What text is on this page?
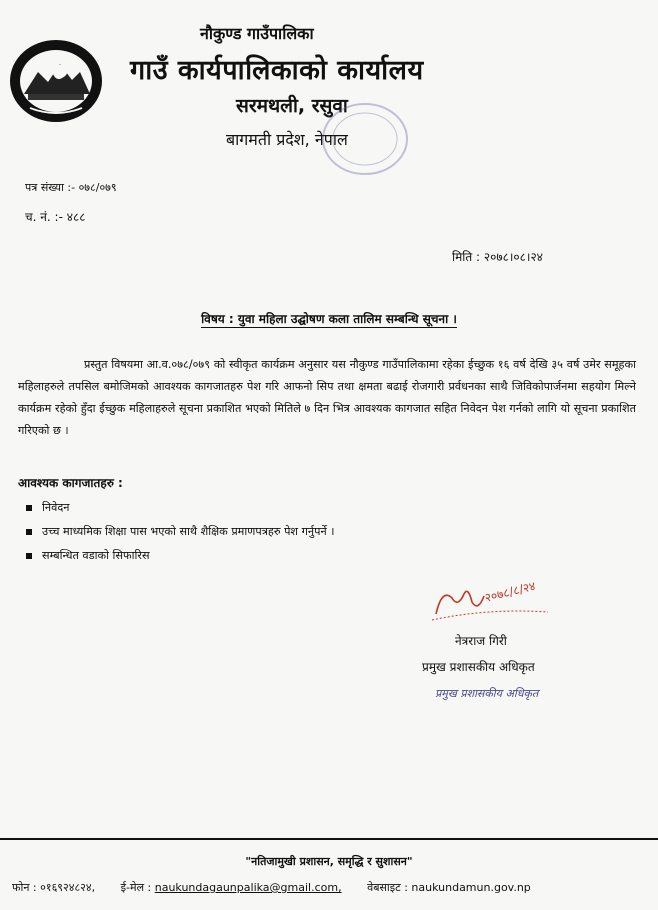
नौकुण्ड गाउँपालिका
गाउँ कार्यपालिकाको कार्यालय
सरमथली, रसुवा
बागमती प्रदेश, नेपाल
पत्र संख्या :- ०७८/०७९
च. नं. :- ४८८
मिति : २०७८।०८।२४
विषय : युवा महिला उद्घोषण कला तालिम सम्बन्धि सूचना ।
प्रस्तुत विषयमा आ.व.०७८/०७९ को स्वीकृत कार्यक्रम अनुसार यस नौकुण्ड गाउँपालिकामा रहेका ईच्छुक १६ वर्ष देखि ३५ वर्ष उमेर समूहका महिलाहरुले तपसिल बमोजिमको आवश्यक कागजातहरु पेश गरि आफनो सिप तथा क्षमता बढाई रोजगारी प्रर्वधनका साथै जिविकोपार्जनमा सहयोग मिल्ने कार्यक्रम रहेको हुँदा ईच्छुक महिलाहरुले सूचना प्रकाशित भएको मितिले ७ दिन भित्र आवश्यक कागजात सहित निवेदन पेश गर्नको लागि यो सूचना प्रकाशित गरिएको छ ।
आवश्यक कागजातहरु :
निवेदन
उच्च माध्यमिक शिक्षा पास भएको साथै शैक्षिक प्रमाणपत्रहरु पेश गर्नुपर्ने ।
सम्बन्धित वडाको सिफारिस
२०७८/८/२४
नेत्रराज गिरी
प्रमुख प्रशासकीय अधिकृत
प्रमुख प्रशासकीय अधिकृत
"नतिजामुखी प्रशासन, समृद्धि र सुशासन"
फोन : ०१६९२४८२४, ई-मेल : naukundagaunpalika@gmail.com, वेबसाइट : naukundamun.gov.np
